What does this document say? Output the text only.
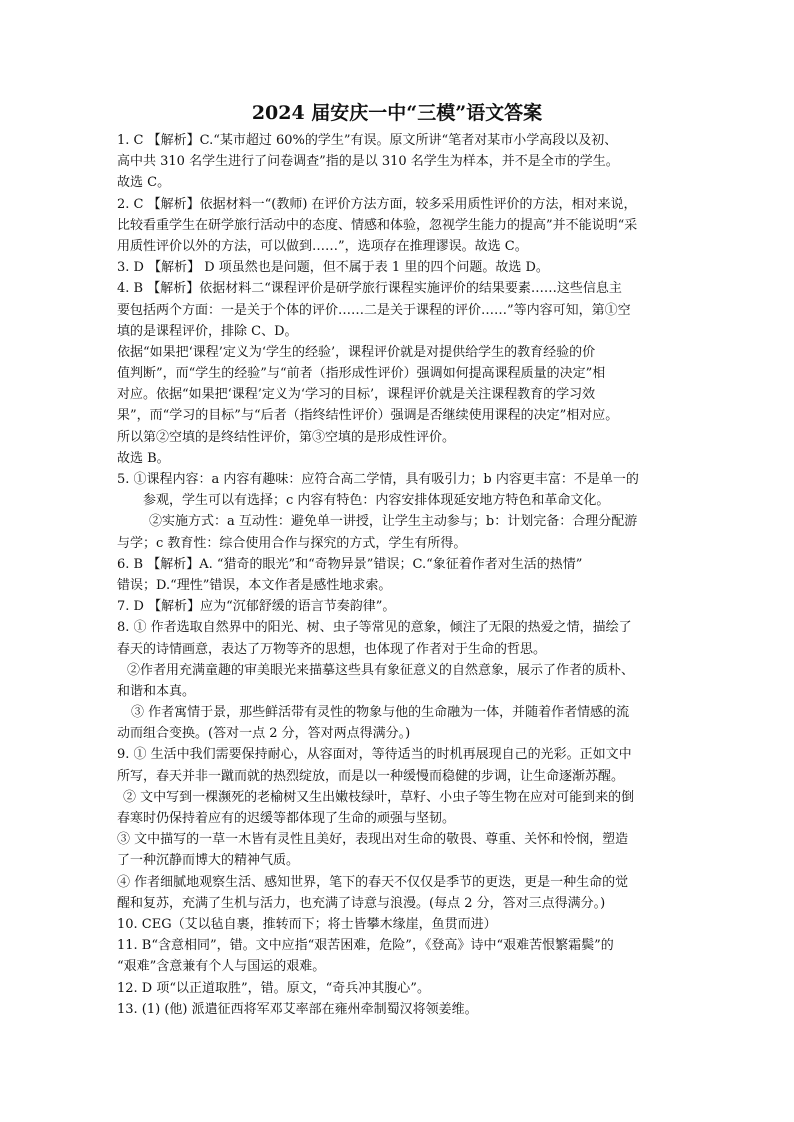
2024 届安庆一中“三模”语文答案
1. C 【解析】C.“某市超过 60%的学生”有误。原文所讲“笔者对某市小学高段以及初、
高中共 310 名学生进行了问卷调查”指的是以 310 名学生为样本，并不是全市的学生。
故选 C。
2. C 【解析】依据材料一“(教师) 在评价方法方面，较多采用质性评价的方法，相对来说，
比较看重学生在研学旅行活动中的态度、情感和体验，忽视学生能力的提高”并不能说明“采
用质性评价以外的方法，可以做到……”，选项存在推理谬误。故选 C。
3. D 【解析】 D 项虽然也是问题，但不属于表 1 里的四个问题。故选 D。
4. B 【解析】依据材料二“课程评价是研学旅行课程实施评价的结果要素……这些信息主
要包括两个方面：一是关于个体的评价……二是关于课程的评价……”等内容可知，第①空
填的是课程评价，排除 C、D。
依据“如果把‘课程’定义为‘学生的经验’，课程评价就是对提供给学生的教育经验的价
值判断”，而“学生的经验”与“前者（指形成性评价）强调如何提高课程质量的决定”相
对应。依据“如果把‘课程’定义为‘学习的目标’，课程评价就是关注课程教育的学习效
果”，而“学习的目标”与“后者（指终结性评价）强调是否继续使用课程的决定”相对应。
所以第②空填的是终结性评价，第③空填的是形成性评价。
故选 B。
5. ①课程内容：a 内容有趣味：应符合高二学情，具有吸引力；b 内容更丰富：不是单一的
参观，学生可以有选择；c 内容有特色：内容安排体现延安地方特色和革命文化。
②实施方式：a 互动性：避免单一讲授，让学生主动参与；b：计划完备：合理分配游
与学；c 教育性：综合使用合作与探究的方式，学生有所得。
6. B 【解析】A. “猎奇的眼光”和“奇物异景”错误；C.“象征着作者对生活的热情”
错误；D.“理性”错误，本文作者是感性地求索。
7. D 【解析】应为“沉郁舒缓的语言节奏韵律”。
8. ① 作者选取自然界中的阳光、树、虫子等常见的意象，倾注了无限的热爱之情，描绘了
春天的诗情画意，表达了万物等齐的思想，也体现了作者对于生命的哲思。
②作者用充满童趣的审美眼光来描摹这些具有象征意义的自然意象，展示了作者的质朴、
和谐和本真。
③ 作者寓情于景，那些鲜活带有灵性的物象与他的生命融为一体，并随着作者情感的流
动而组合变换。(答对一点 2 分，答对两点得满分。)
9. ① 生活中我们需要保持耐心，从容面对，等待适当的时机再展现自己的光彩。正如文中
所写，春天并非一蹴而就的热烈绽放，而是以一种缓慢而稳健的步调，让生命逐渐苏醒。
② 文中写到一棵濒死的老榆树又生出嫩枝绿叶，草籽、小虫子等生物在应对可能到来的倒
春寒时仍保持着应有的迟缓等都体现了生命的顽强与坚韧。
③ 文中描写的一草一木皆有灵性且美好，表现出对生命的敬畏、尊重、关怀和怜悯，塑造
了一种沉静而博大的精神气质。
④ 作者细腻地观察生活、感知世界，笔下的春天不仅仅是季节的更迭，更是一种生命的觉
醒和复苏，充满了生机与活力，也充满了诗意与浪漫。(每点 2 分，答对三点得满分。)
10. CEG（艾以毡自裹，推转而下；将士皆攀木缘崖，鱼贯而进）
11. B“含意相同”，错。文中应指“艰苦困难，危险”，《登高》诗中“艰难苦恨繁霜鬓”的
“艰难”含意兼有个人与国运的艰难。
12. D 项“以正道取胜”，错。原文，“奇兵冲其腹心”。
13. (1) (他) 派遣征西将军邓艾率部在雍州牵制蜀汉将领姜维。
